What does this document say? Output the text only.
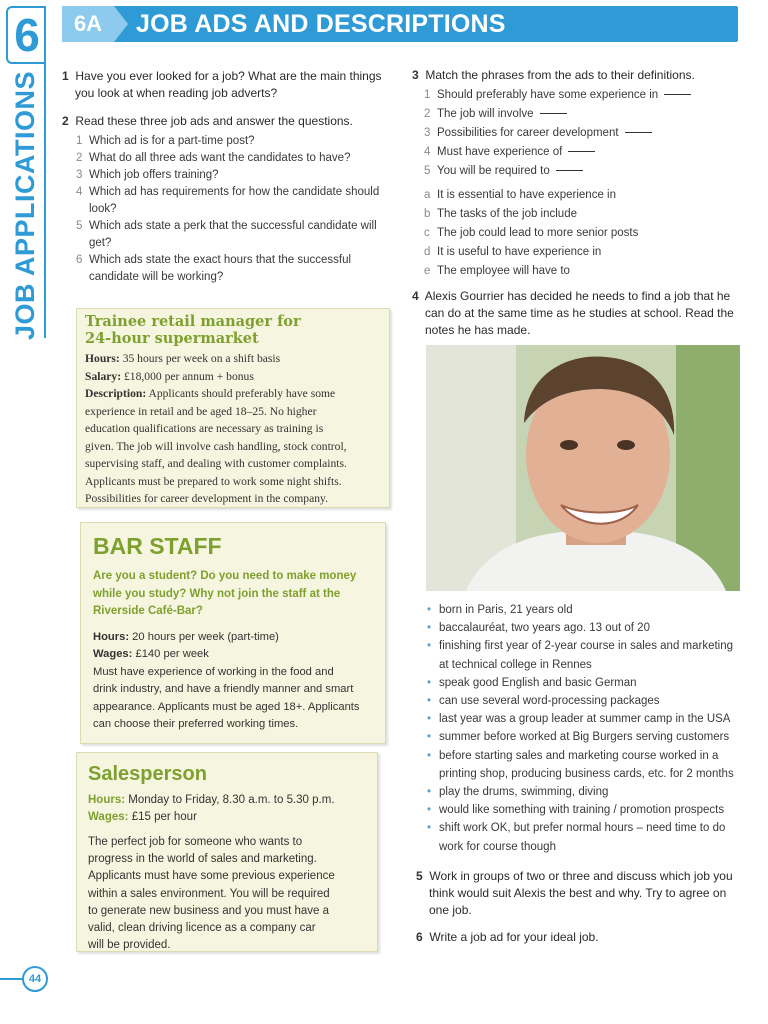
6
JOB APPLICATIONS
6A	JOB ADS AND DESCRIPTIONS
1 Have you ever looked for a job? What are the main things
you look at when reading job adverts?
2 Read these three job ads and answer the questions.
1 Which ad is for a part-time post?
2 What do all three ads want the candidates to have?
3 Which job offers training?
4 Which ad has requirements for how the candidate should
look?
5 Which ads state a perk that the successful candidate will
get?
6 Which ads state the exact hours that the successful
candidate will be working?
Trainee retail manager for
24-hour supermarket
Hours: 35 hours per week on a shift basis
Salary: £18,000 per annum + bonus
Description: Applicants should preferably have some

experience in retail and be aged 18–25. No higher

education qualifications are necessary as training is

given. The job will involve cash handling, stock control,

supervising staff, and dealing with customer complaints.

Applicants must be prepared to work some night shifts.

Possibilities for career development in the company.

BAR STAFF
Are you a student? Do you need to make money
while you study? Why not join the staff at the
Riverside Café-Bar?
Hours: 20 hours per week (part-time)
Wages: £140 per week

Must have experience of working in the food and

drink industry, and have a friendly manner and smart

appearance. Applicants must be aged 18+. Applicants

can choose their preferred working times.

Salesperson
Hours: Monday to Friday, 8.30 a.m. to 5.30 p.m.
Wages: £15 per hour

The perfect job for someone who wants to

progress in the world of sales and marketing.

Applicants must have some previous experience

within a sales environment. You will be required

to generate new business and you must have a

valid, clean driving licence as a company car

will be provided.

3 Match the phrases from the ads to their definitions.
1 Should preferably have some experience in
2 The job will involve
3 Possibilities for career development
4 Must have experience of
5 You will be required to
a It is essential to have experience in
b The tasks of the job include
c The job could lead to more senior posts
d It is useful to have experience in
e The employee will have to
4 Alexis Gourrier has decided he needs to find a job that he
can do at the same time as he studies at school. Read the
notes he has made.
• born in Paris, 21 years old
• baccalauréat, two years ago. 13 out of 20
• finishing first year of 2-year course in sales and marketing
at technical college in Rennes
• speak good English and basic German
• can use several word-processing packages
• last year was a group leader at summer camp in the USA
• summer before worked at Big Burgers serving customers
• before starting sales and marketing course worked in a
printing shop, producing business cards, etc. for 2 months
• play the drums, swimming, diving
• would like something with training / promotion prospects
• shift work OK, but prefer normal hours – need time to do
work for course though
5 Work in groups of two or three and discuss which job you
think would suit Alexis the best and why. Try to agree on
one job.
6 Write a job ad for your ideal job.
44
